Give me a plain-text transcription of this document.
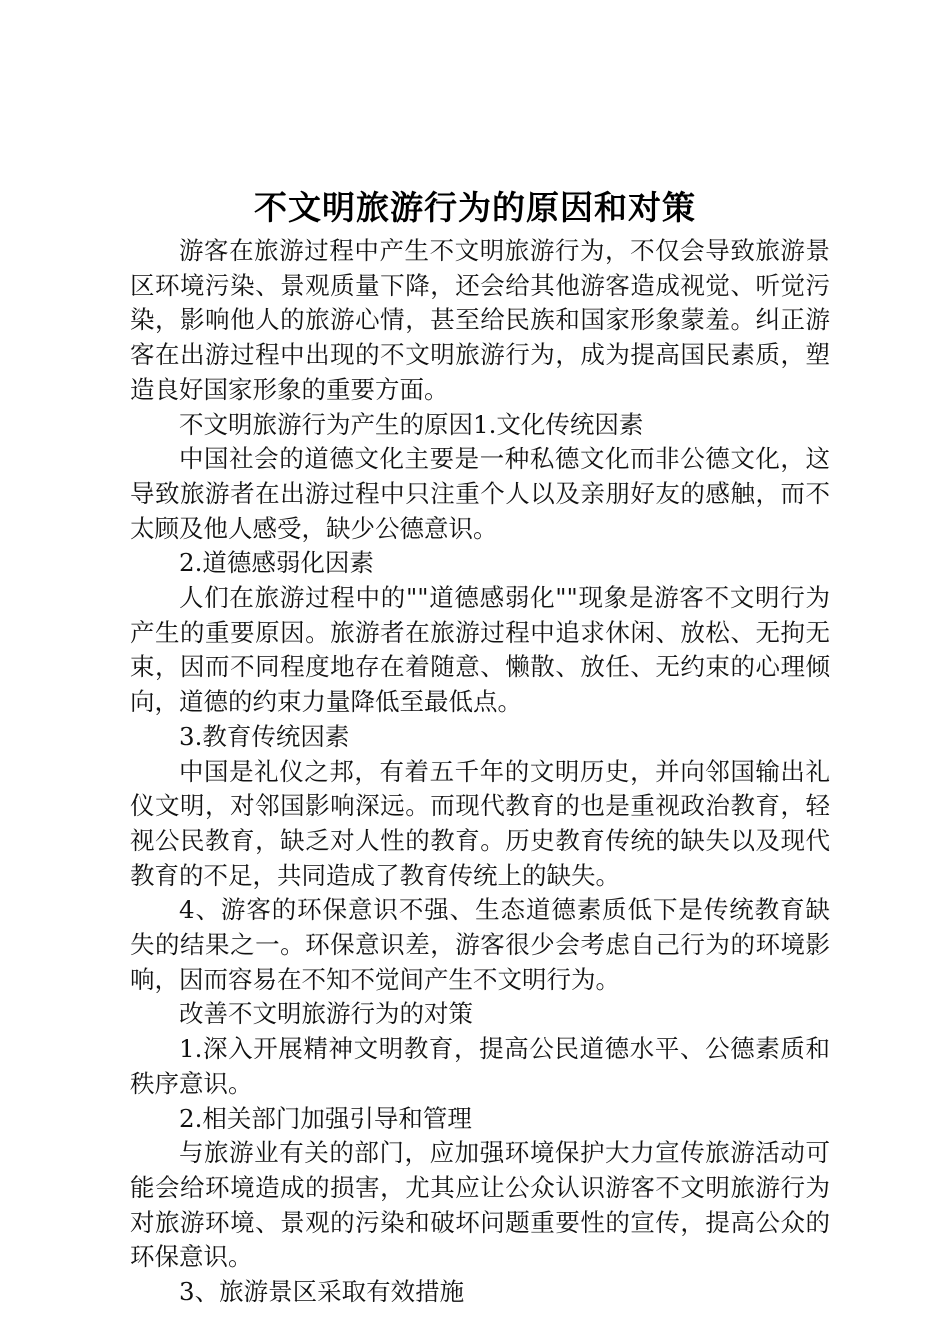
不文明旅游行为的原因和对策

游客在旅游过程中产生不文明旅游行为，不仅会导致旅游景区环境污染、景观质量下降，还会给其他游客造成视觉、听觉污染，影响他人的旅游心情，甚至给民族和国家形象蒙羞。纠正游客在出游过程中出现的不文明旅游行为，成为提高国民素质，塑造良好国家形象的重要方面。

不文明旅游行为产生的原因1.文化传统因素

中国社会的道德文化主要是一种私德文化而非公德文化，这导致旅游者在出游过程中只注重个人以及亲朋好友的感触，而不太顾及他人感受，缺少公德意识。

2.道德感弱化因素

人们在旅游过程中的""道德感弱化""现象是游客不文明行为产生的重要原因。旅游者在旅游过程中追求休闲、放松、无拘无束，因而不同程度地存在着随意、懒散、放任、无约束的心理倾向，道德的约束力量降低至最低点。

3.教育传统因素

中国是礼仪之邦，有着五千年的文明历史，并向邻国输出礼仪文明，对邻国影响深远。而现代教育的也是重视政治教育，轻视公民教育，缺乏对人性的教育。历史教育传统的缺失以及现代教育的不足，共同造成了教育传统上的缺失。

4、游客的环保意识不强、生态道德素质低下是传统教育缺失的结果之一。环保意识差，游客很少会考虑自己行为的环境影响，因而容易在不知不觉间产生不文明行为。

改善不文明旅游行为的对策

1.深入开展精神文明教育，提高公民道德水平、公德素质和秩序意识。

2.相关部门加强引导和管理

与旅游业有关的部门，应加强环境保护大力宣传旅游活动可能会给环境造成的损害，尤其应让公众认识游客不文明旅游行为对旅游环境、景观的污染和破坏问题重要性的宣传，提高公众的环保意识。

3、旅游景区采取有效措施
